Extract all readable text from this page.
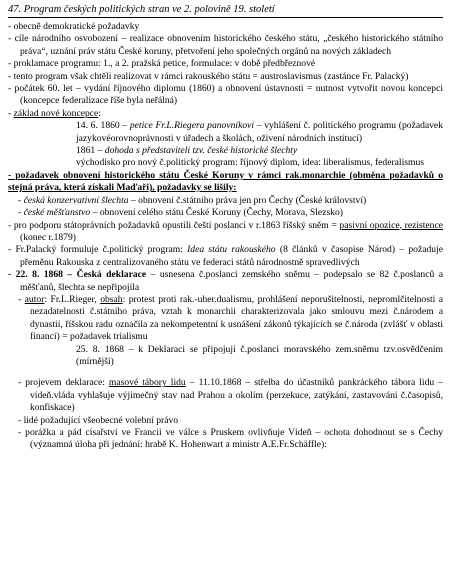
47. Program českých politických stran ve 2. polovině 19. století

- obecně demokratické požadavky

- cíle národního osvobození – realizace obnovením historického českého státu, „českého historického státního práva“, uznání práv státu České koruny, přetvoření jeho společných orgánů na nových základech

- proklamace programu: 1., a 2. pražská petice, formulace: v době předbřeznové

- tento program však chtěli realizovat v rámci rakouského státu = austroslavismus (zastánce Fr. Palacký)

- počátek 60. let – vydání říjnového diplomu (1860) a obnovení ústavnosti = nutnost vytvořit novou koncepci (koncepce federalizace říše byla neřálná)

- základ nové koncepce:

14. 6. 1860 – petice Fr.L.Riegera panovníkovi – vyhlášení č. politického programu (požadavek jazykovéorovnoprávnosti v úřadech a školách, oživení národních institucí)

1861 – dohoda s představiteli tzv. české historické šlechty

východisko pro nový č.politický program: říjnový diplom, idea: liberalismus, federalismus

- požadavek obnovení historického státu České Koruny v rámci rak.monarchie (obměna požadavků o stejná práva, která získali Maďaři), požadavky se lišily:

- česká konzervativní šlechta – obnovení č.státního práva jen pro Čechy (České království)

- české měšťanstvo – obnovení celého státu České Koruny (Čechy, Morava, Slezsko)

- pro podporu státoprávních požadavků opustili čeští poslanci v r.1863 říšský sněm = pasivní opozice, rezistence (konec r.1879)

- Fr.Palacký formuluje č.politický program: Idea státu rakouského (8 článků v časopise Národ) – požaduje přeměnu Rakouska z centralizovaného státu ve federaci států národnostně spravedlivých

- 22. 8. 1868 – Česká deklarace – usnesena č.poslanci zemského sněmu – podepsalo se 82 č.poslanců a měšťanů, šlechta se nepřipojila

- autor: Fr.L.Rieger, obsah: protest proti rak.-uher.dualismu, prohlášení neporušitelnosti, nepromlčitelnosti a nezadatelnosti č.státního práva, vztah k monarchii charakterizovala jako smlouvu mezi č.národem a dynastií, říšskou radu označila za nekompetentní k usnášení zákonů týkajících se č.národa (zvlášť v oblasti financí) = požadavek trialismu

25. 8. 1868 – k Deklaraci se připojují č.poslanci moravského zem.sněmu tzv.osvědčením (mírnější)

- projevem deklarace: masové tábory lidu – 11.10.1868 – střelba do účastníků pankráckého tábora lidu – vídeň.vláda vyhlašuje výjimečný stav nad Prahou a okolím (perzekuce, zatýkání, zastavování č.časopisů, konfiskace)

- lidé požadující všeobecné volební právo

- porážka a pád císařství ve Francii ve válce s Pruskem ovlivňuje Vídeň – ochota dohodnout se s Čechy (významná úloha při jednání: hrabě K. Hohenwart a ministr A.E.Fr.Schäffle):
